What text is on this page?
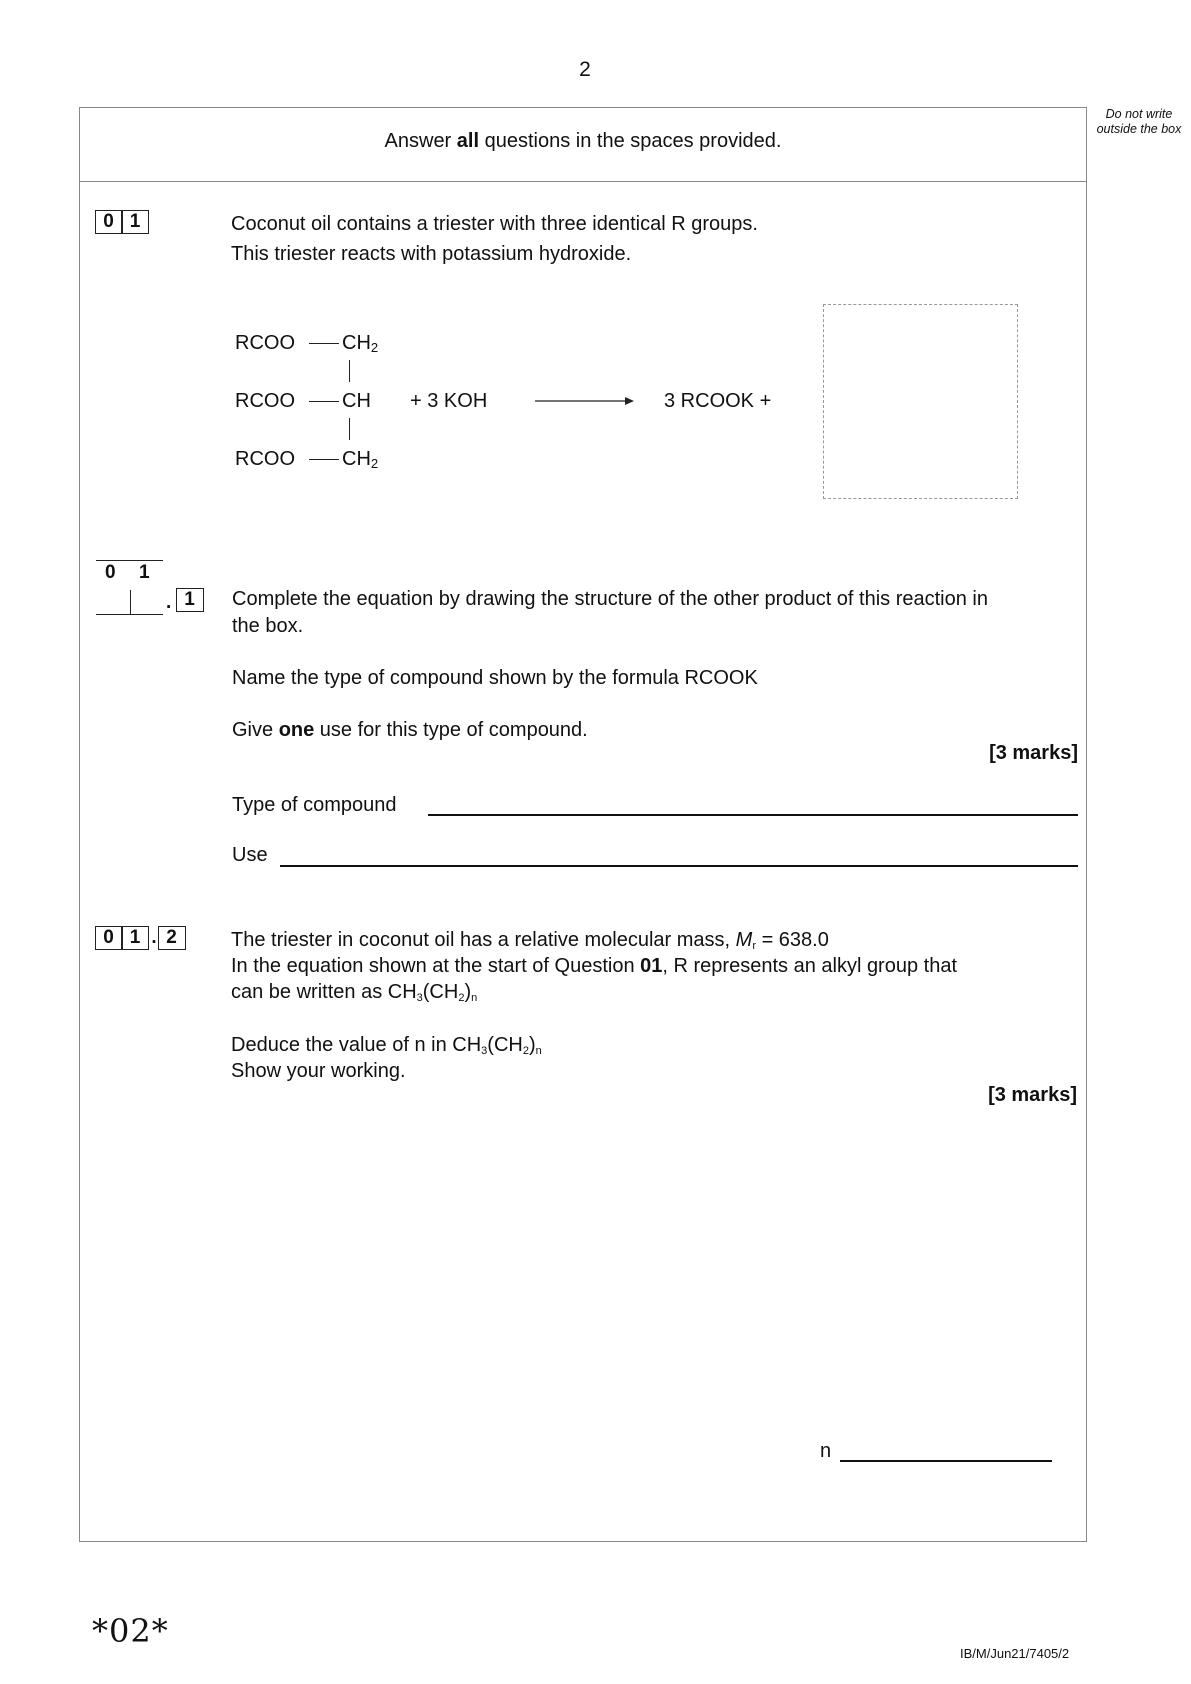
2
Do not write outside the box
Answer all questions in the spaces provided.
0 1	Coconut oil contains a triester with three identical R groups.
This triester reacts with potassium hydroxide.
RCOO $CH_2$
RCOO CH
RCOO $CH_2$
+ 3 KOH	3 RCOOK +
0 1
. 1	Complete the equation by drawing the structure of the other product of this reaction in
the box.
Name the type of compound shown by the formula RCOOK
Give one use for this type of compound.
[3 marks]
Type of compound
Use
0 1 . 2	The triester in coconut oil has a relative molecular mass, $M_r = 638.0$
In the equation shown at the start of Question 01, R represents an alkyl group that
can be written as $CH_3(CH_2)_n$
Deduce the value of n in $CH_3(CH_2)_n$
Show your working.
[3 marks]
n
*02*
IB/M/Jun21/7405/2
